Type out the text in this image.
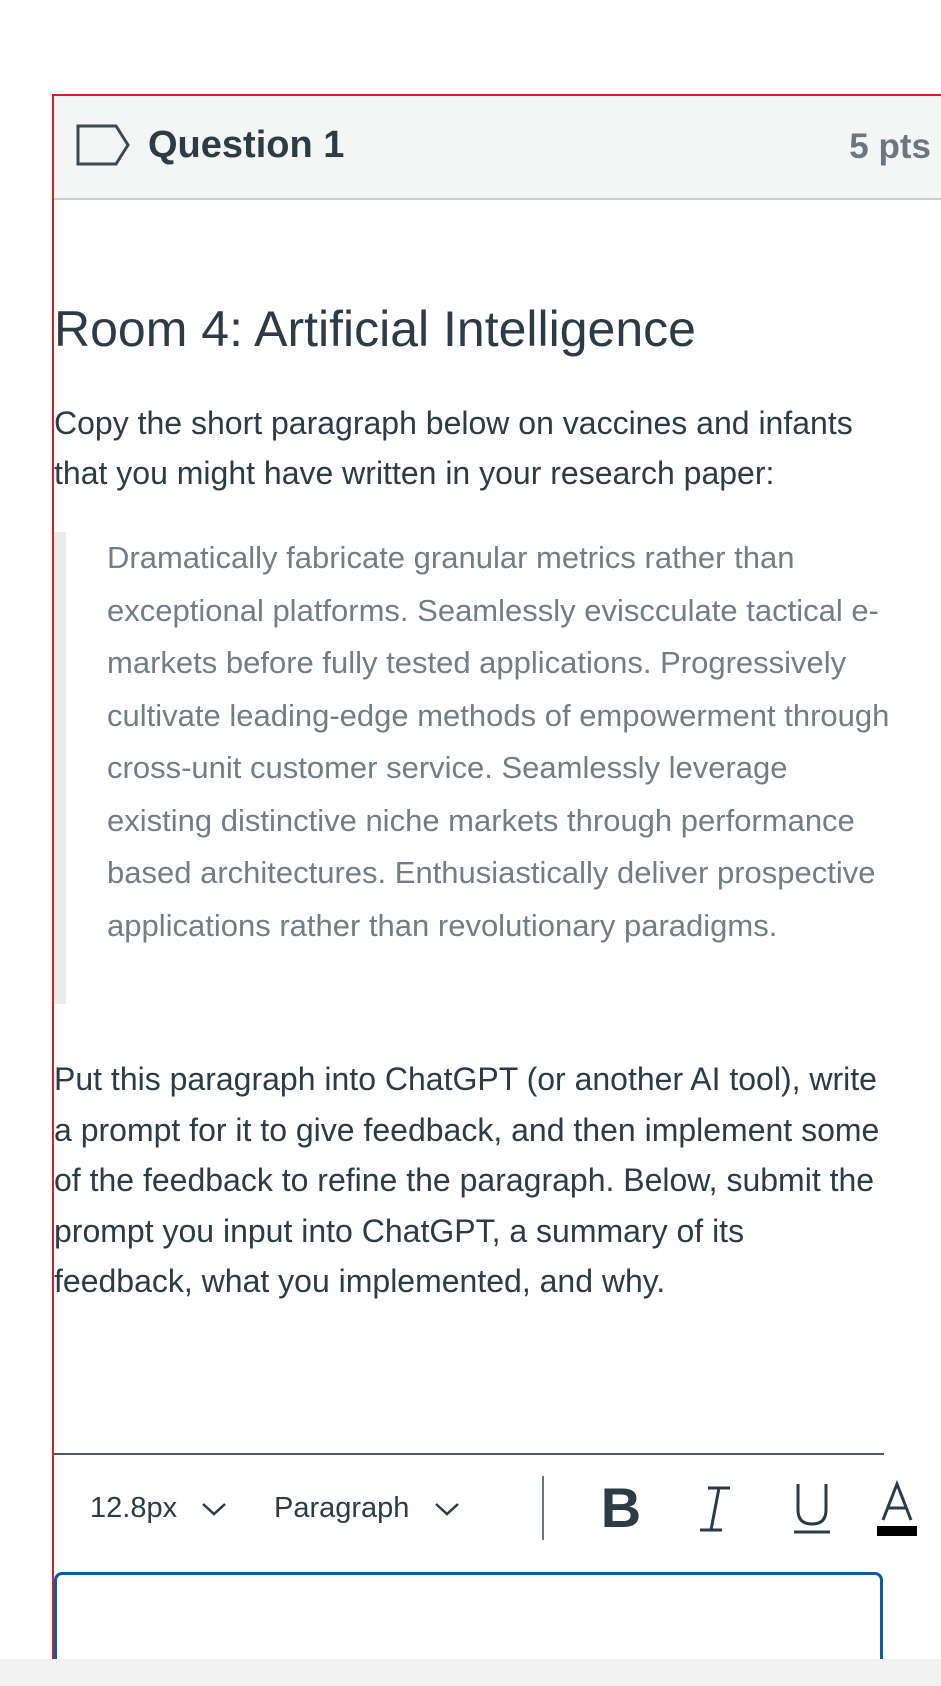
Question 1	5 pts
Room 4: Artificial Intelligence

Copy the short paragraph below on vaccines and infants that you might have written in your research paper:

Dramatically fabricate granular metrics rather than exceptional platforms. Seamlessly eviscculate tactical e-markets before fully tested applications. Progressively cultivate leading-edge methods of empowerment through cross-unit customer service. Seamlessly leverage existing distinctive niche markets through performance based architectures. Enthusiastically deliver prospective applications rather than revolutionary paradigms.

Put this paragraph into ChatGPT (or another AI tool), write a prompt for it to give feedback, and then implement some of the feedback to refine the paragraph. Below, submit the prompt you input into ChatGPT, a summary of its feedback, what you implemented, and why.

12.8px	Paragraph	B
